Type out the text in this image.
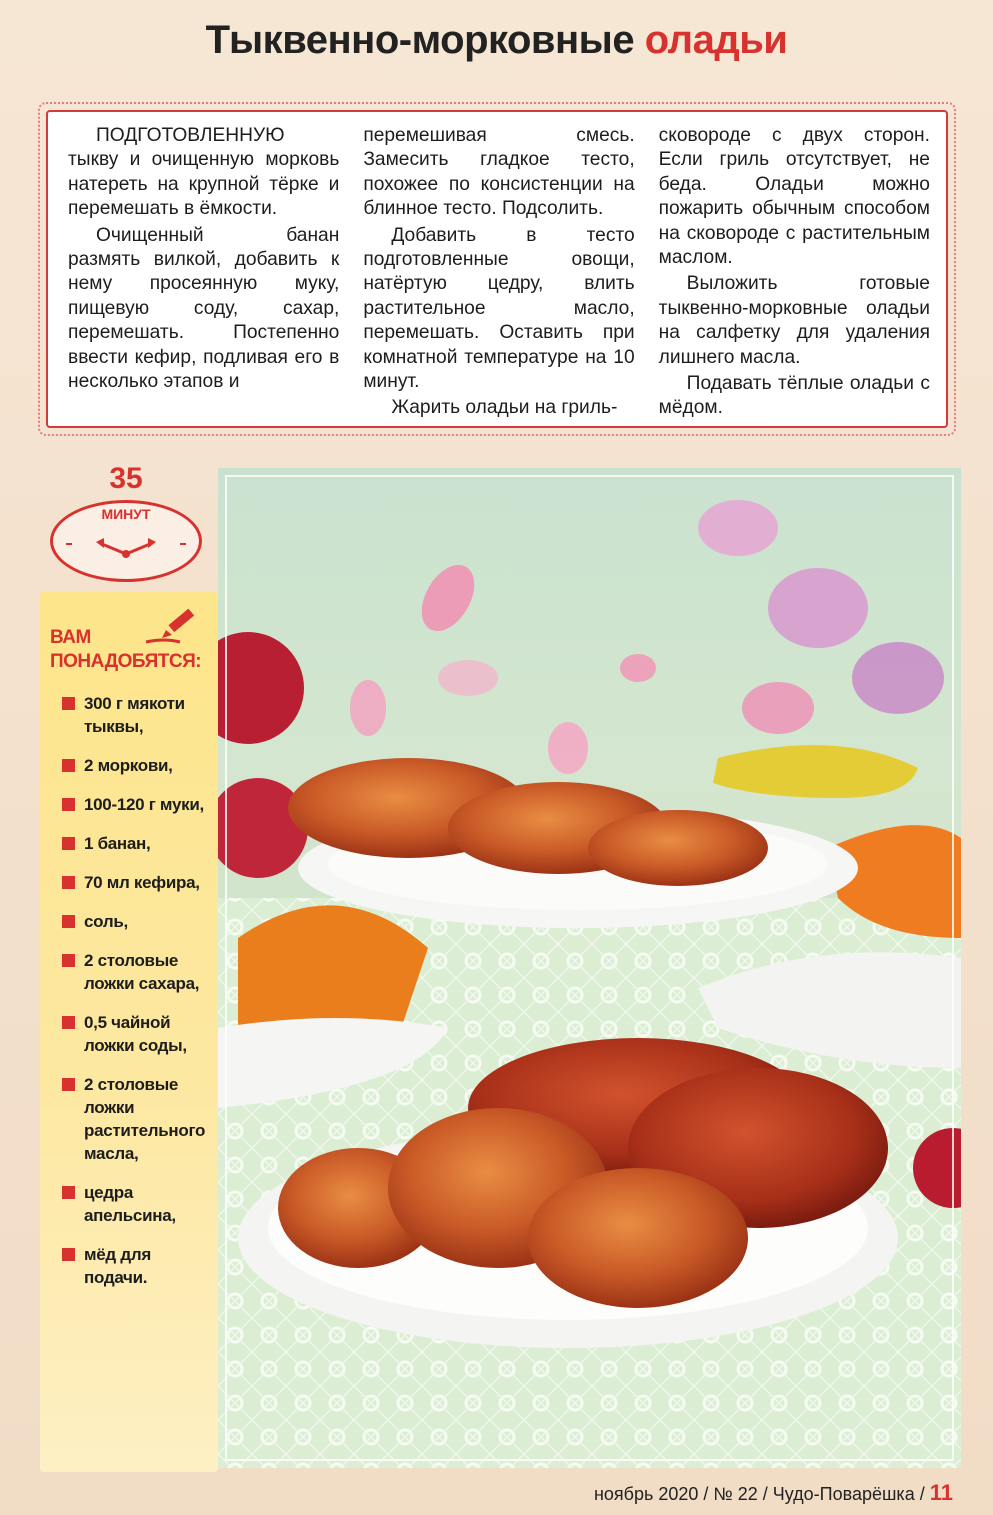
Тыквенно-морковные оладьи

ПОДГОТОВЛЕННУЮ тыкву и очищенную морковь натереть на крупной тёрке и перемешать в ёмкости.

Очищенный банан размять вилкой, добавить к нему просеянную муку, пищевую соду, сахар, перемешать. Постепенно ввести кефир, подливая его в несколько этапов и

перемешивая смесь. Замесить гладкое тесто, похожее по консистенции на блинное тесто. Подсолить.

Добавить в тесто подготовленные овощи, натёртую цедру, влить растительное масло, перемешать. Оставить при комнатной температуре на 10 минут.

Жарить оладьи на гриль-

сковороде с двух сторон. Если гриль отсутствует, не беда. Оладьи можно пожарить обычным способом на сковороде с растительным маслом.

Выложить готовые тыквенно-морковные оладьи на салфетку для удаления лишнего масла.

Подавать тёплые оладьи с мёдом.

35
МИНУТ
ВАМ
ПОНАДОБЯТСЯ:
300 г мякоти тыквы,
2 моркови,
100-120 г муки,
1 банан,
70 мл кефира,
соль,
2 столовые ложки сахара,
0,5 чайной ложки соды,
2 столовые ложки растительного масла,
цедра апельсина,
мёд для подачи.
ноябрь 2020 / № 22 / Чудо-Поварёшка / 11
